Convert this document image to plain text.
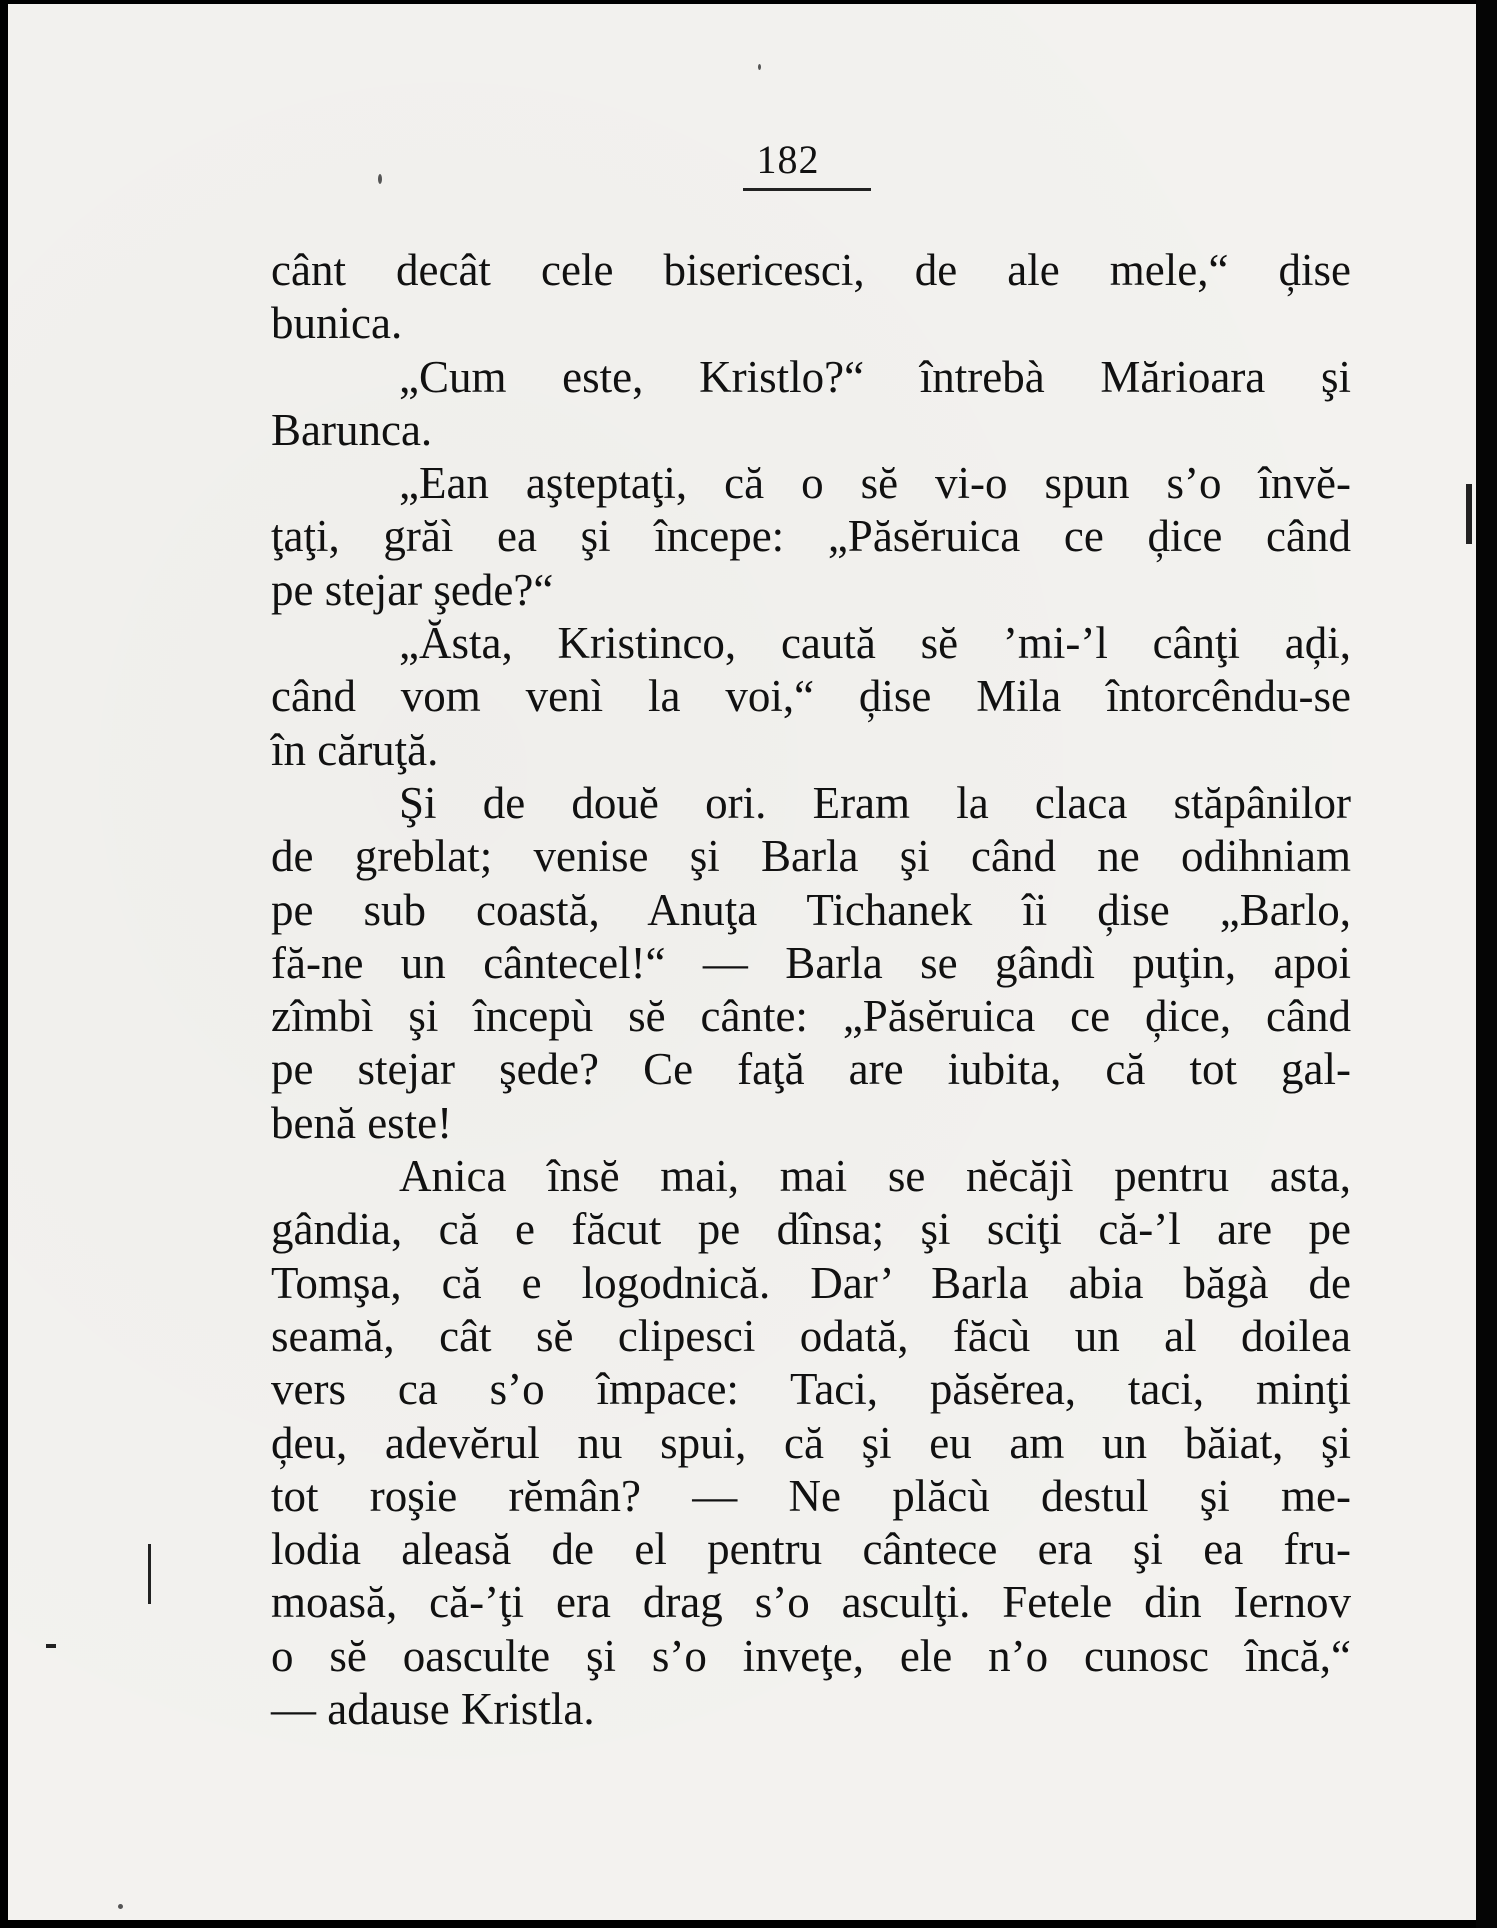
182
cânt decât cele bisericesci, de ale mele,“ ḑise
bunica.
„Cum este, Kristlo?“ întrebà Mărioara şi
Barunca.
„Ean aşteptaţi, că o sĕ vi-o spun s’o învĕ-
ţaţi, grăì ea şi începe: „Păsĕruica ce ḑice când
pe stejar şede?“
„Ăsta, Kristinco, caută sĕ ’mi-’l cânţi aḑi,
când vom venì la voi,“ ḑise Mila întorcêndu-se
în căruţă.
Şi de douĕ ori. Eram la claca stăpânilor
de greblat; venise şi Barla şi când ne odihniam
pe sub coastă, Anuţa Tichanek îi ḑise „Barlo,
fă-ne un cântecel!“ — Barla se gândì puţin, apoi
zîmbì şi începù sĕ cânte: „Păsĕruica ce ḑice, când
pe stejar şede? Ce faţă are iubita, că tot gal-
benă este!
Anica însĕ mai, mai se nĕcăjì pentru asta,
gândia, că e făcut pe dînsa; şi sciţi că-’l are pe
Tomşa, că e logodnică. Dar’ Barla abia băgà de
seamă, cât sĕ clipesci odată, făcù un al doilea
vers ca s’o împace: Taci, păsĕrea, taci, minţi
ḑeu, adevĕrul nu spui, că şi eu am un băiat, şi
tot roşie rĕmân? — Ne plăcù destul şi me-
lodia aleasă de el pentru cântece era şi ea fru-
moasă, că-’ţi era drag s’o asculţi. Fetele din Iernov
o sĕ oasculte şi s’o inveţe, ele n’o cunosc încă,“
— adause Kristla.
